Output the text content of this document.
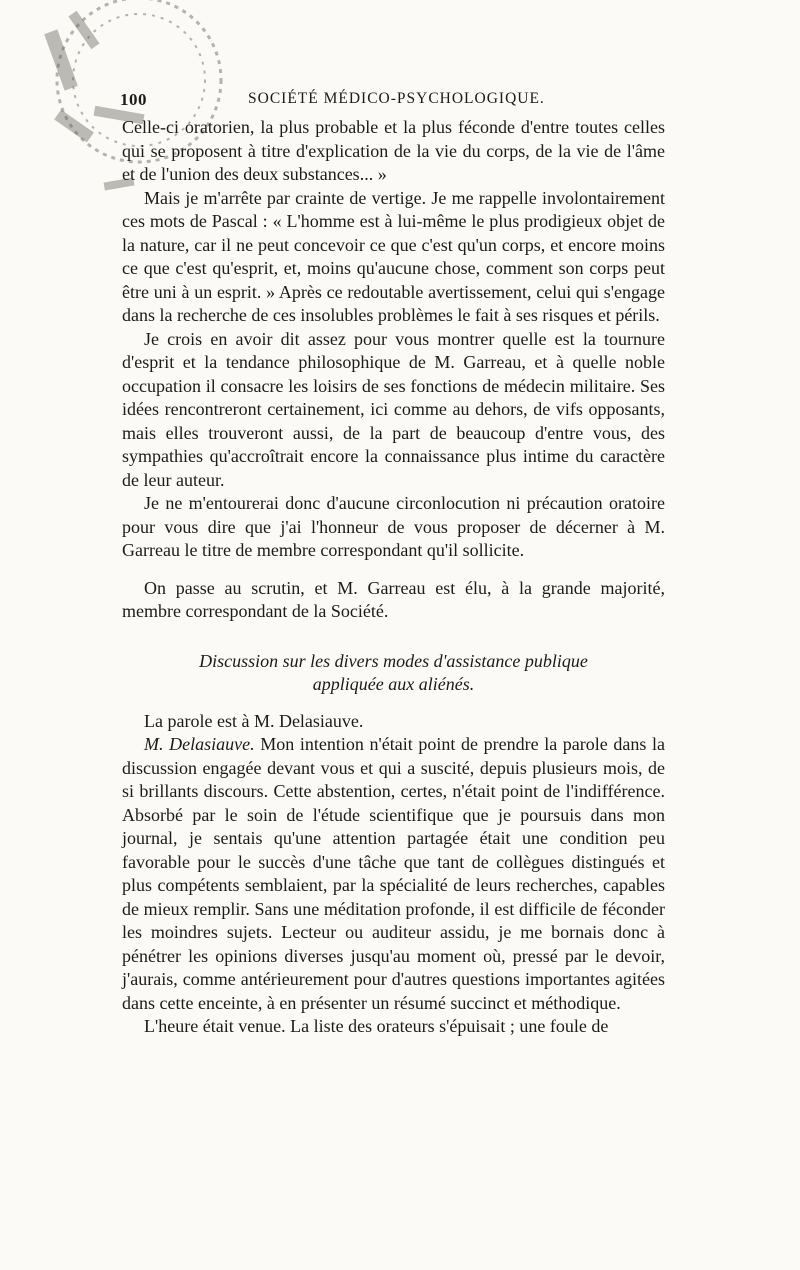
100	SOCIÉTÉ MÉDICO-PSYCHOLOGIQUE.

Celle-ci oratorien, la plus probable et la plus féconde d'entre toutes celles qui se proposent à titre d'explication de la vie du corps, de la vie de l'âme et de l'union des deux substances... »

Mais je m'arrête par crainte de vertige. Je me rappelle involontairement ces mots de Pascal : « L'homme est à lui-même le plus prodigieux objet de la nature, car il ne peut concevoir ce que c'est qu'un corps, et encore moins ce que c'est qu'esprit, et, moins qu'aucune chose, comment son corps peut être uni à un esprit. » Après ce redoutable avertissement, celui qui s'engage dans la recherche de ces insolubles problèmes le fait à ses risques et périls.

Je crois en avoir dit assez pour vous montrer quelle est la tournure d'esprit et la tendance philosophique de M. Garreau, et à quelle noble occupation il consacre les loisirs de ses fonctions de médecin militaire. Ses idées rencontreront certainement, ici comme au dehors, de vifs opposants, mais elles trouveront aussi, de la part de beaucoup d'entre vous, des sympathies qu'accroîtrait encore la connaissance plus intime du caractère de leur auteur.

Je ne m'entourerai donc d'aucune circonlocution ni précaution oratoire pour vous dire que j'ai l'honneur de vous proposer de décerner à M. Garreau le titre de membre correspondant qu'il sollicite.

On passe au scrutin, et M. Garreau est élu, à la grande majorité, membre correspondant de la Société.

Discussion sur les divers modes d'assistance publique

appliquée aux aliénés.

La parole est à M. Delasiauve.

M. Delasiauve. Mon intention n'était point de prendre la parole dans la discussion engagée devant vous et qui a suscité, depuis plusieurs mois, de si brillants discours. Cette abstention, certes, n'était point de l'indifférence. Absorbé par le soin de l'étude scientifique que je poursuis dans mon journal, je sentais qu'une attention partagée était une condition peu favorable pour le succès d'une tâche que tant de collègues distingués et plus compétents semblaient, par la spécialité de leurs recherches, capables de mieux remplir. Sans une méditation profonde, il est difficile de féconder les moindres sujets. Lecteur ou auditeur assidu, je me bornais donc à pénétrer les opinions diverses jusqu'au moment où, pressé par le devoir, j'aurais, comme antérieurement pour d'autres questions importantes agitées dans cette enceinte, à en présenter un résumé succinct et méthodique.

L'heure était venue. La liste des orateurs s'épuisait ; une foule de
